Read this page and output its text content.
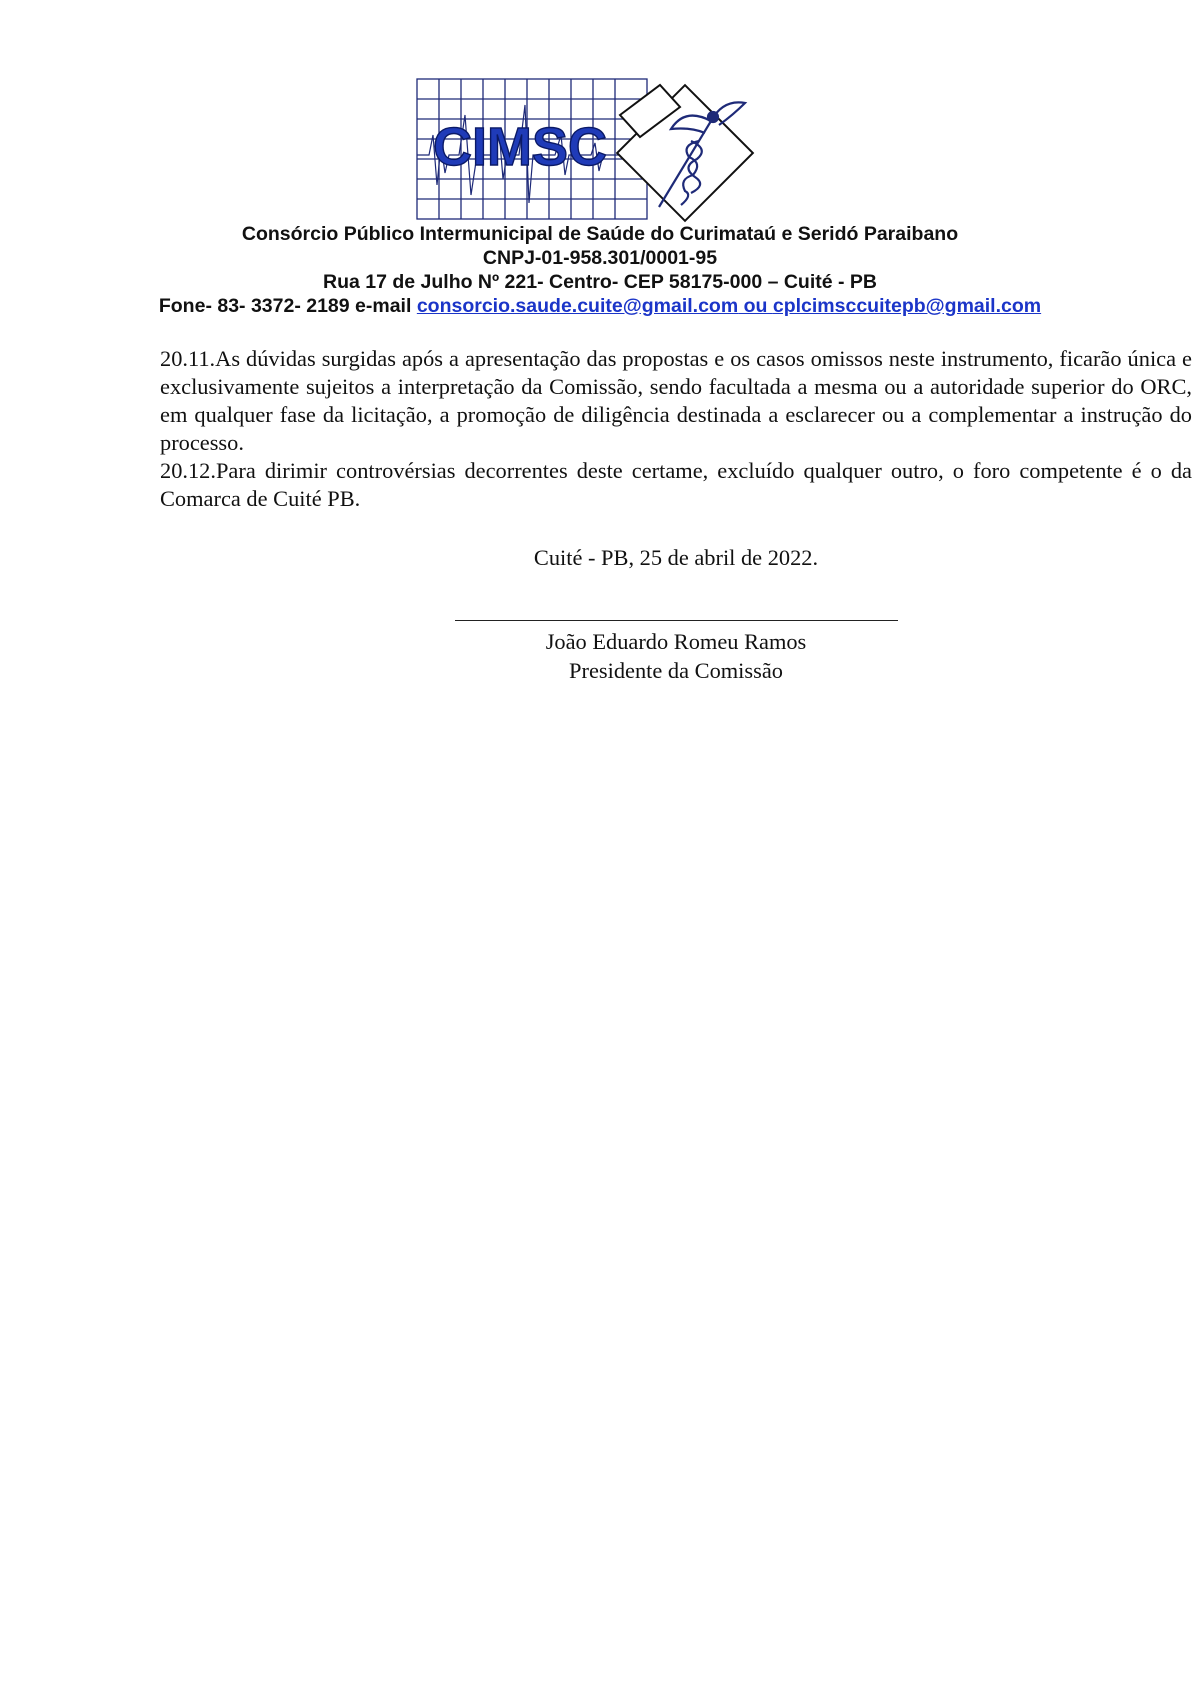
CIMSC
Consórcio Público Intermunicipal de Saúde do Curimataú e Seridó Paraibano
CNPJ-01-958.301/0001-95
Rua 17 de Julho Nº 221- Centro- CEP 58175-000 – Cuité - PB
Fone- 83- 3372- 2189 e-mail consorcio.saude.cuite@gmail.com ou cplcimsccuitepb@gmail.com

20.11.As dúvidas surgidas após a apresentação das propostas e os casos omissos neste instrumento, ficarão única e exclusivamente sujeitos a interpretação da Comissão, sendo facultada a mesma ou a autoridade superior do ORC, em qualquer fase da licitação, a promoção de diligência destinada a esclarecer ou a complementar a instrução do processo.

20.12.Para dirimir controvérsias decorrentes deste certame, excluído qualquer outro, o foro competente é o da Comarca de Cuité PB.

Cuité - PB, 25 de abril de 2022.
João Eduardo Romeu Ramos
Presidente da Comissão
